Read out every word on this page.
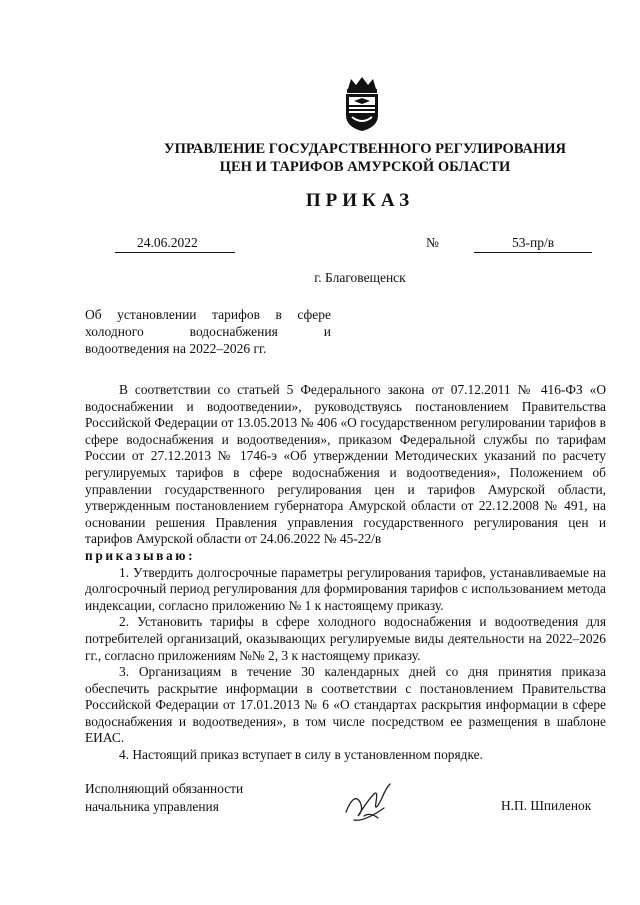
УПРАВЛЕНИЕ ГОСУДАРСТВЕННОГО РЕГУЛИРОВАНИЯ
ЦЕН И ТАРИФОВ АМУРСКОЙ ОБЛАСТИ
ПРИКАЗ
24.06.2022	№	53-пр/в
г. Благовещенск
Об установлении тарифов в сфере холодного водоснабжения и водоотведения на 2022–2026 гг.

В соответствии со статьей 5 Федерального закона от 07.12.2011 № 416-ФЗ «О водоснабжении и водоотведении», руководствуясь постановлением Правительства Российской Федерации от 13.05.2013 № 406 «О государственном регулировании тарифов в сфере водоснабжения и водоотведения», приказом Федеральной службы по тарифам России от 27.12.2013 № 1746-э «Об утверждении Методических указаний по расчету регулируемых тарифов в сфере водоснабжения и водоотведения», Положением об управлении государственного регулирования цен и тарифов Амурской области, утвержденным постановлением губернатора Амурской области от 22.12.2008 № 491, на основании решения Правления управления государственного регулирования цен и тарифов Амурской области от 24.06.2022 № 45-22/в

приказываю:

1. Утвердить долгосрочные параметры регулирования тарифов, устанавливаемые на долгосрочный период регулирования для формирования тарифов с использованием метода индексации, согласно приложению № 1 к настоящему приказу.

2. Установить тарифы в сфере холодного водоснабжения и водоотведения для потребителей организаций, оказывающих регулируемые виды деятельности на 2022–2026 гг., согласно приложениям №№ 2, 3 к настоящему приказу.

3. Организациям в течение 30 календарных дней со дня принятия приказа обеспечить раскрытие информации в соответствии с постановлением Правительства Российской Федерации от 17.01.2013 № 6 «О стандартах раскрытия информации в сфере водоснабжения и водоотведения», в том числе посредством ее размещения в шаблоне ЕИАС.

4. Настоящий приказ вступает в силу в установленном порядке.

Исполняющий обязанности
начальника управления	Н.П. Шпиленок
